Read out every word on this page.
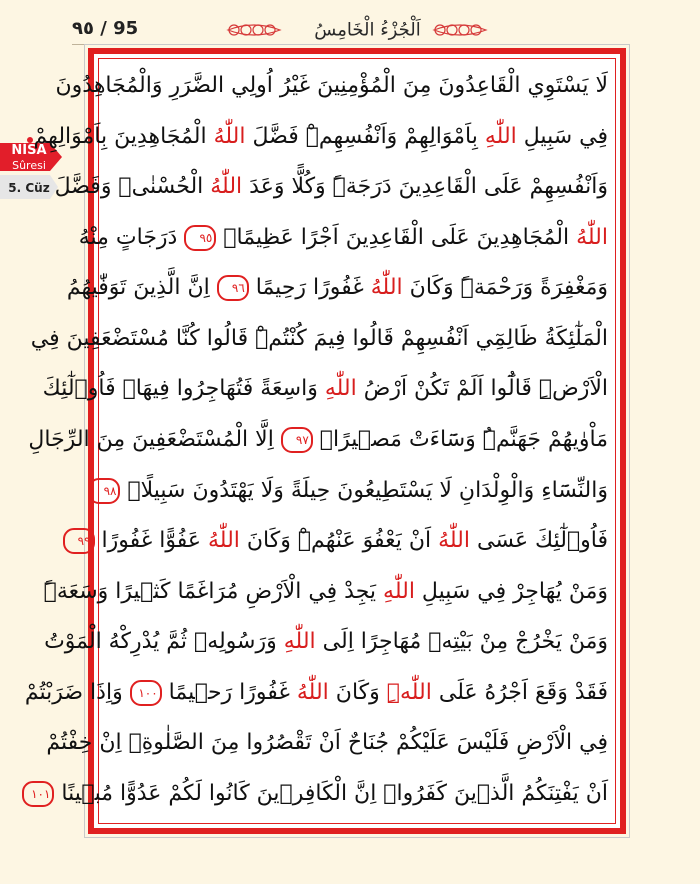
٩٥ / 95	اَلْجُزْءُ الْخَامِسُ
NİSÂ
Sûresi
5. Cüz
لَا يَسْتَوِي الْقَاعِدُونَ مِنَ الْمُؤْمِنِينَ غَيْرُ اُولِي الضَّرَرِ وَالْمُجَاهِدُونَ
فِي سَبِيلِ اللّٰهِ بِاَمْوَالِهِمْ وَاَنْفُسِهِمْۜ فَضَّلَ اللّٰهُ الْمُجَاهِدِينَ بِاَمْوَالِهِمْ
وَاَنْفُسِهِمْ عَلَى الْقَاعِدِينَ دَرَجَةًۜ وَكُلًّا وَعَدَ اللّٰهُ الْحُسْنٰىۜ وَفَضَّلَ
اللّٰهُ الْمُجَاهِدِينَ عَلَى الْقَاعِدِينَ اَجْرًا عَظِيمًاۙ ٩٥ دَرَجَاتٍ مِنْهُ
وَمَغْفِرَةً وَرَحْمَةًۜ وَكَانَ اللّٰهُ غَفُورًا رَحِيمًا ٩٦ اِنَّ الَّذِينَ تَوَفّٰيهُمُ
الْمَلٰٓئِكَةُ ظَالِمِٓي اَنْفُسِهِمْ قَالُوا فِيمَ كُنْتُمْۜ قَالُوا كُنَّا مُسْتَضْعَفِينَ فِي
الْاَرْضِۜ قَالُٓوا اَلَمْ تَكُنْ اَرْضُ اللّٰهِ وَاسِعَةً فَتُهَاجِرُوا فِيهَاۜ فَاُو۬لٰٓئِكَ
مَاْوٰيهُمْ جَهَنَّمُۜ وَسَٓاءَتْ مَص۪يرًاۙ ٩٧ اِلَّا الْمُسْتَضْعَفِينَ مِنَ الرِّجَالِ
وَالنِّسَٓاءِ وَالْوِلْدَانِ لَا يَسْتَطِيعُونَ حِيلَةً وَلَا يَهْتَدُونَ سَبِيلًاۙ ٩٨
فَاُو۬لٰٓئِكَ عَسَى اللّٰهُ اَنْ يَعْفُوَ عَنْهُمْۜ وَكَانَ اللّٰهُ عَفُوًّا غَفُورًا ٩٩
وَمَنْ يُهَاجِرْ فِي سَبِيلِ اللّٰهِ يَجِدْ فِي الْاَرْضِ مُرَاغَمًا كَث۪يرًا وَسَعَةًۜ
وَمَنْ يَخْرُجْ مِنْ بَيْتِه۪ مُهَاجِرًا اِلَى اللّٰهِ وَرَسُولِه۪ ثُمَّ يُدْرِكْهُ الْمَوْتُ
فَقَدْ وَقَعَ اَجْرُهُ عَلَى اللّٰهِۜ وَكَانَ اللّٰهُ غَفُورًا رَح۪يمًا ١٠٠ وَاِذَا ضَرَبْتُمْ
فِي الْاَرْضِ فَلَيْسَ عَلَيْكُمْ جُنَاحٌ اَنْ تَقْصُرُوا مِنَ الصَّلٰوةِۗ اِنْ خِفْتُمْ
اَنْ يَفْتِنَكُمُ الَّذ۪ينَ كَفَرُواۜ اِنَّ الْكَافِر۪ينَ كَانُوا لَكُمْ عَدُوًّا مُب۪ينًا ١٠١
